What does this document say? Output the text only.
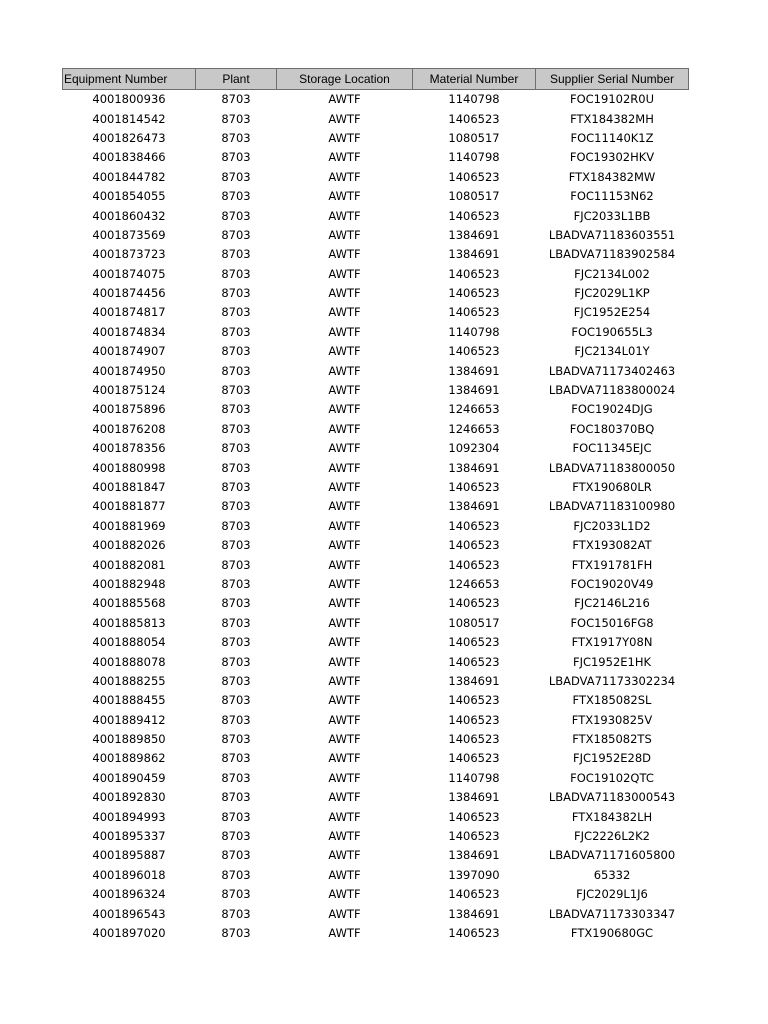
Equipment Number	Plant	Storage Location	Material Number	Supplier Serial Number
4001800936	8703	AWTF	1140798	FOC19102R0U
4001814542	8703	AWTF	1406523	FTX184382MH
4001826473	8703	AWTF	1080517	FOC11140K1Z
4001838466	8703	AWTF	1140798	FOC19302HKV
4001844782	8703	AWTF	1406523	FTX184382MW
4001854055	8703	AWTF	1080517	FOC11153N62
4001860432	8703	AWTF	1406523	FJC2033L1BB
4001873569	8703	AWTF	1384691	LBADVA71183603551
4001873723	8703	AWTF	1384691	LBADVA71183902584
4001874075	8703	AWTF	1406523	FJC2134L002
4001874456	8703	AWTF	1406523	FJC2029L1KP
4001874817	8703	AWTF	1406523	FJC1952E254
4001874834	8703	AWTF	1140798	FOC190655L3
4001874907	8703	AWTF	1406523	FJC2134L01Y
4001874950	8703	AWTF	1384691	LBADVA71173402463
4001875124	8703	AWTF	1384691	LBADVA71183800024
4001875896	8703	AWTF	1246653	FOC19024DJG
4001876208	8703	AWTF	1246653	FOC180370BQ
4001878356	8703	AWTF	1092304	FOC11345EJC
4001880998	8703	AWTF	1384691	LBADVA71183800050
4001881847	8703	AWTF	1406523	FTX190680LR
4001881877	8703	AWTF	1384691	LBADVA71183100980
4001881969	8703	AWTF	1406523	FJC2033L1D2
4001882026	8703	AWTF	1406523	FTX193082AT
4001882081	8703	AWTF	1406523	FTX191781FH
4001882948	8703	AWTF	1246653	FOC19020V49
4001885568	8703	AWTF	1406523	FJC2146L216
4001885813	8703	AWTF	1080517	FOC15016FG8
4001888054	8703	AWTF	1406523	FTX1917Y08N
4001888078	8703	AWTF	1406523	FJC1952E1HK
4001888255	8703	AWTF	1384691	LBADVA71173302234
4001888455	8703	AWTF	1406523	FTX185082SL
4001889412	8703	AWTF	1406523	FTX1930825V
4001889850	8703	AWTF	1406523	FTX185082TS
4001889862	8703	AWTF	1406523	FJC1952E28D
4001890459	8703	AWTF	1140798	FOC19102QTC
4001892830	8703	AWTF	1384691	LBADVA71183000543
4001894993	8703	AWTF	1406523	FTX184382LH
4001895337	8703	AWTF	1406523	FJC2226L2K2
4001895887	8703	AWTF	1384691	LBADVA71171605800
4001896018	8703	AWTF	1397090	65332
4001896324	8703	AWTF	1406523	FJC2029L1J6
4001896543	8703	AWTF	1384691	LBADVA71173303347
4001897020	8703	AWTF	1406523	FTX190680GC
